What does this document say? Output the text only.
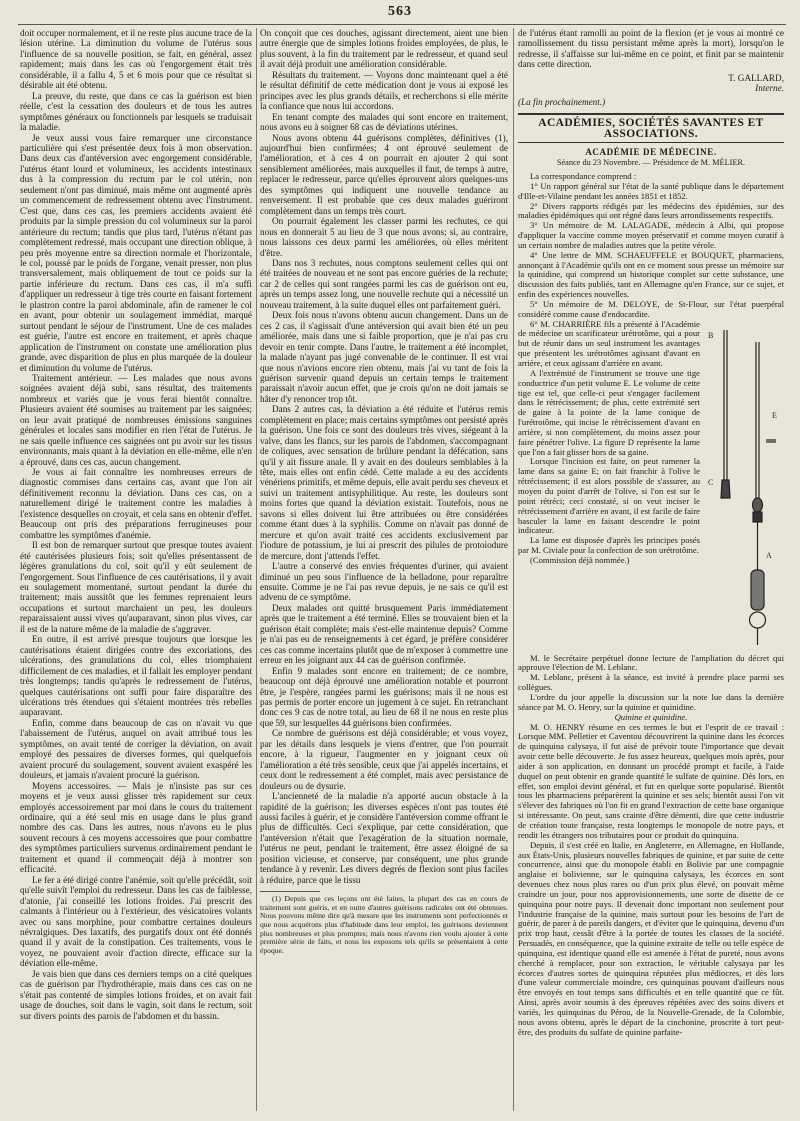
563

doit occuper normalement, et il ne reste plus aucune trace de la lésion utérine. La diminution du volume de l'utérus sous l'influence de sa nouvelle position, se fait, en général, assez rapidement; mais dans les cas où l'engorgement était très considérable, il a fallu 4, 5 et 6 mois pour que ce résultat si désirable ait été obtenu.

La preuve, du reste, que dans ce cas la guérison est bien réelle, c'est la cessation des douleurs et de tous les autres symptômes généraux ou fonctionnels par lesquels se traduisait la maladie.

Je veux aussi vous faire remarquer une circonstance particulière qui s'est présentée deux fois à mon observation. Dans deux cas d'antéversion avec engorgement considérable, l'utérus étant lourd et volumineux, les accidents intestinaux dus à la compression du rectum par le col utérin, non seulement n'ont pas diminué, mais même ont augmenté après un commencement de redressement obtenu avec l'instrument. C'est que, dans ces cas, les premiers accidents avaient été produits par la simple pression du col volumineux sur la paroi antérieure du rectum; tandis que plus tard, l'utérus n'étant pas complètement redressé, mais occupant une direction oblique, à peu près moyenne entre sa direction normale et l'horizontale, le col, poussé par le poids de l'organe, venait presser, non plus transversalement, mais obliquement de tout ce poids sur la partie inférieure du rectum. Dans ces cas, il m'a suffi d'appliquer un redresseur à tige très courte en faisant fortement le plastron contre la paroi abdominale, afin de ramener le col en avant, pour obtenir un soulagement immédiat, marqué surtout pendant le séjour de l'instrument. Une de ces malades est guérie, l'autre est encore en traitement, et après chaque application de l'instrument on constate une amélioration plus grande, avec disparition de plus en plus marquée de la douleur et diminution du volume de l'utérus.

Traitement antérieur. — Les malades que nous avons soignées avaient déjà subi, sans résultat, des traitements nombreux et variés que je vous ferai bientôt connaître. Plusieurs avaient été soumises au traitement par les saignées; on leur avait pratiqué de nombreuses émissions sanguines générales et locales sans modifier en rien l'état de l'utérus. Je ne sais quelle influence ces saignées ont pu avoir sur les tissus environnants, mais quant à la déviation en elle-même, elle n'en a éprouvé, dans ces cas, aucun changement.

Je vous ai fait connaître les nombreuses erreurs de diagnostic commises dans certains cas, avant que l'on ait définitivement reconnu la déviation. Dans ces cas, on a naturellement dirigé le traitement contre les maladies à l'existence desquelles on croyait, et cela sans en obtenir d'effet. Beaucoup ont pris des préparations ferrugineuses pour combattre les symptômes d'anémie.

Il est bon de remarquer surtout que presque toutes avaient été cautérisées plusieurs fois; soit qu'elles présentassent de légères granulations du col, soit qu'il y eût seulement de l'engorgement. Sous l'influence de ces cautérisations, il y avait eu soulagement momentané, surtout pendant la durée du traitement; mais aussitôt que les femmes reprenaient leurs occupations et surtout marchaient un peu, les douleurs reparaissaient aussi vives qu'auparavant, sinon plus vives, car il est de la nature même de la maladie de s'aggraver.

En outre, il est arrivé presque toujours que lorsque les cautérisations étaient dirigées contre des excoriations, des ulcérations, des granulations du col, elles triomphaient difficilement de ces maladies, et il fallait les employer pendant très longtemps; tandis qu'après le redressement de l'utérus, quelques cautérisations ont suffi pour faire disparaître des ulcérations très étendues qui s'étaient montrées très rebelles auparavant.

Enfin, comme dans beaucoup de cas on n'avait vu que l'abaissement de l'utérus, auquel on avait attribué tous les symptômes, on avait tenté de corriger la déviation, on avait employé des pessaires de diverses formes, qui quelquefois avaient procuré du soulagement, souvent avaient exaspéré les douleurs, et jamais n'avaient procuré la guérison.

Moyens accessoires. — Mais je n'insiste pas sur ces moyens et je veux aussi glisser très rapidement sur ceux employés accessoirement par moi dans le cours du traitement ordinaire, qui a été seul mis en usage dans le plus grand nombre des cas. Dans les autres, nous n'avons eu le plus souvent recours à ces moyens accessoires que pour combattre des symptômes particuliers survenus ordinairement pendant le traitement et quand il commençait déjà à montrer son efficacité.

Le fer a été dirigé contre l'anémie, soit qu'elle précédât, soit qu'elle suivît l'emploi du redresseur. Dans les cas de faiblesse, d'atonie, j'ai conseillé les lotions froides. J'ai prescrit des calmants à l'intérieur ou à l'extérieur, des vésicatoires volants avec ou sans morphine, pour combattre certaines douleurs névralgiques. Des laxatifs, des purgatifs doux ont été donnés quand il y avait de la constipation. Ces traitements, vous le voyez, ne pouvaient avoir d'action directe, efficace sur la déviation elle-même.

Je vais bien que dans ces derniers temps on a cité quelques cas de guérison par l'hydrothérapie, mais dans ces cas on ne s'était pas contenté de simples lotions froides, et on avait fait usage de douches, soit dans le vagin, soit dans le rectum, soit sur divers points des parois de l'abdomen et du bassin.

On conçoit que ces douches, agissant directement, aient une bien autre énergie que de simples lotions froides employées, de plus, le plus souvent, à la fin du traitement par le redresseur, et quand seul il avait déjà produit une amélioration considérable.

Résultats du traitement. — Voyons donc maintenant quel a été le résultat définitif de cette médication dont je vous ai exposé les principes avec les plus grands détails, et recherchons si elle mérite la confiance que nous lui accordons.

En tenant compte des malades qui sont encore en traitement, nous avons eu à soigner 68 cas de déviations utérines.

Nous avons obtenu 44 guérisons complètes, définitives (1), aujourd'hui bien confirmées; 4 ont éprouvé seulement de l'amélioration, et à ces 4 on pourrait en ajouter 2 qui sont sensiblement améliorées, mais auxquelles il faut, de temps à autre, replacer le redresseur, parce qu'elles éprouvent alors quelques-uns des symptômes qui indiquent une nouvelle tendance au renversement. Il est probable que ces deux malades guériront complètement dans un temps très court.

On pourrait également les classer parmi les rechutes, ce qui nous en donnerait 5 au lieu de 3 que nous avons; si, au contraire, nous laissons ces deux parmi les améliorées, où elles méritent d'être.

Dans nos 3 rechutes, nous comptons seulement celles qui ont été traitées de nouveau et ne sont pas encore guéries de la rechute; car 2 de celles qui sont rangées parmi les cas de guérison ont eu, après un temps assez long, une nouvelle rechute qui a nécessité un nouveau traitement, à la suite duquel elles ont parfaitement guéri.

Deux fois nous n'avons obtenu aucun changement. Dans un de ces 2 cas, il s'agissait d'une antéversion qui avait bien été un peu améliorée, mais dans une si faible proportion, que je n'ai pas cru devoir en tenir compte. Dans l'autre, le traitement a été incomplet, la malade n'ayant pas jugé convenable de le continuer. Il est vrai que nous n'avions encore rien obtenu, mais j'ai vu tant de fois la guérison survenir quand depuis un certain temps le traitement paraissait n'avoir aucun effet, que je crois qu'on ne doit jamais se hâter d'y renoncer trop tôt.

Dans 2 autres cas, la déviation a été réduite et l'utérus remis complètement en place; mais certains symptômes ont persisté après la guérison. Une fois ce sont des douleurs très vives, siégeant à la valve, dans les flancs, sur les parois de l'abdomen, s'accompagnant de coliques, avec sensation de brûlure pendant la défécation, sans qu'il y ait fissure anale. Il y avait en des douleurs semblables à la tête, mais elles ont enfin cédé. Cette malade a eu des accidents vénériens primitifs, et même depuis, elle avait perdu ses cheveux et suivi un traitement antisyphilitique. Au reste, les douleurs sont moins fortes que quand la déviation existait. Toutefois, nous ne savons si elles doivent lui être attribuées ou être considérées comme étant dues à la syphilis. Comme on n'avait pas donné de mercure et qu'on avait traité ces accidents exclusivement par l'iodure de potassium, je lui ai prescrit des pilules de protoiodure de mercure, dont j'attends l'effet.

L'autre a conservé des envies fréquentes d'uriner, qui avaient diminué un peu sous l'influence de la belladone, pour reparaître ensuite. Comme je ne l'ai pas revue depuis, je ne sais ce qu'il est advenu de ce symptôme.

Deux malades ont quitté brusquement Paris immédiatement après que le traitement a été terminé. Elles se trouvaient bien et la guérison était complète; mais s'est-elle maintenue depuis? Comme je n'ai pas eu de renseignements à cet égard, je préfère considérer ces cas comme incertains plutôt que de m'exposer à commettre une erreur en les joignant aux 44 cas de guérison confirmée.

Enfin 9 malades sont encore en traitement; de ce nombre, beaucoup ont déjà éprouvé une amélioration notable et pourront être, je l'espère, rangées parmi les guérisons; mais il ne nous est pas permis de porter encore un jugement à ce sujet. En retranchant donc ces 9 cas de notre total, au lieu de 68 il ne nous en reste plus que 59, sur lesquelles 44 guérisons bien confirmées.

Ce nombre de guérisons est déjà considérable; et vous voyez, par les détails dans lesquels je viens d'entrer, que l'on pourrait encore, à la rigueur, l'augmenter en y joignant ceux où l'amélioration a été très sensible, ceux que j'ai appelés incertains, et ceux dont le redressement a été complet, mais avec persistance de douleurs ou de dysurie.

L'ancienneté de la maladie n'a apporté aucun obstacle à la rapidité de la guérison; les diverses espèces n'ont pas toutes été aussi faciles à guérir, et je considère l'antéversion comme offrant le plus de difficultés. Ceci s'explique, par cette considération, que l'antéversion n'était que l'exagération de la situation normale, l'utérus ne peut, pendant le traitement, être assez éloigné de sa position vicieuse, et conserve, par conséquent, une plus grande tendance à y revenir. Les divers degrés de flexion sont plus faciles à réduire, parce que le tissu

(1) Depuis que ces leçons ont été faites, la plupart des cas en cours de traitement sont guéris, et en outre d'autres guérisons radicales ont été obtenues. Nous pouvons même dire qu'à mesure que les instruments sont perfectionnés et que nous acquérons plus d'habitude dans leur emploi, les guérisons deviennent plus nombreuses et plus promptes; mais nous n'avons rien voulu ajouter à cette première série de faits, et nous les exposons tels qu'ils se présentaient à cette époque.

de l'utérus étant ramolli au point de la flexion (et je vous ai montré ce ramollissement du tissu persistant même après la mort), lorsqu'on le redresse, il s'affaisse sur lui-même en ce point, et finit par se maintenir dans cette direction.

T. GALLARD,
Interne.

(La fin prochainement.)

ACADÉMIES, SOCIÉTÉS SAVANTES ET ASSOCIATIONS.
ACADÉMIE DE MÉDECINE.
Séance du 23 Novembre. — Présidence de M. MÉLIER.

La correspondance comprend :

1° Un rapport général sur l'état de la santé publique dans le département d'Ille-et-Vilaine pendant les années 1851 et 1852.

2° Divers rapports rédigés par les médecins des épidémies, sur des maladies épidémiques qui ont régné dans leurs arrondissements respectifs.

3° Un mémoire de M. LALAGADE, médecin à Albi, qui propose d'appliquer la vaccine comme moyen préservatif et comme moyen curatif à un certain nombre de maladies autres que la petite vérole.

4° Une lettre de MM. SCHAEUFFELE et BOUQUET, pharmaciens, annonçant à l'Académie qu'ils ont en ce moment sous presse un mémoire sur la quinidine, qui comprend un historique complet sur cette substance, une discussion des faits publiés, tant en Allemagne qu'en France, sur ce sujet, et enfin des expériences nouvelles.

5° Un mémoire de M. DELOYE, de St-Flour, sur l'état puerpéral considéré comme cause d'endocardite.

B
E
A
C

6° M. CHARRIÈRE fils a présenté à l'Académie de médecine un scarificateur urétrotôme, qui a pour but de réunir dans un seul instrument les avantages que présentent les urétrotômes agissant d'avant en arrière, et ceux agissant d'arrière en avant.

A l'extrémité de l'instrument se trouve une tige conductrice d'un petit volume E. Le volume de cette tige est tel, que celle-ci peut s'engager facilement dans le rétrécissement; de plus, cette extrémité sert de gaine à la pointe de la lame conique de l'urétrotôme, qui incise le rétrécissement d'avant en arrière, si non complètement, du moins assez pour faire pénétrer l'olive. La figure D représente la lame que l'on a fait glisser hors de sa gaine.

Lorsque l'incision est faite, on peut ramener la lame dans sa gaine E; on fait franchir à l'olive le rétrécissement; il est alors possible de s'assurer, au moyen du point d'arrêt de l'olive, si l'on est sur le point rétréci; ceci constaté, si on veut inciser le rétrécissement d'arrière en avant, il est facile de faire basculer la lame en faisant descendre le point indicateur.

La lame est disposée d'après les principes posés par M. Civiale pour la confection de son urétrotôme.

(Commission déjà nommée.)

M. le Secrétaire perpétuel donne lecture de l'ampliation du décret qui approuve l'élection de M. Leblanc.

M. Leblanc, présent à la séance, est invité à prendre place parmi ses collègues.

L'ordre du jour appelle la discussion sur la note lue dans la dernière séance par M. O. Henry, sur la quinine et quinidine.

Quinine et quinidine.

M. O. HENRY résume en ces termes le but et l'esprit de ce travail : Lorsque MM. Pelletier et Caventou découvrirent la quinine dans les écorces de quinquina calysaya, il fut aisé de prévoir toute l'importance que devait avoir cette belle découverte. Je fus assez heureux, quelques mois après, pour aider à son application, en donnant un procédé prompt et facile, à l'aide duquel on peut obtenir en grande quantité le sulfate de quinine. Dès lors, en effet, son emploi devint général, et fut en quelque sorte popularisé. Bientôt tous les pharmaciens préparèrent la quinine et ses sels; bientôt aussi l'on vit s'élever des fabriques où l'on fit en grand l'extraction de cette base organique si intéressante. On peut, sans crainte d'être démenti, dire que cette industrie de création toute française, resta longtemps le monopole de notre pays, et rendit les étrangers nos tributaires pour ce produit du quinquina.

Depuis, il s'est créé en Italie, en Angleterre, en Allemagne, en Hollande, aux États-Unis, plusieurs nouvelles fabriques de quinine, et par suite de cette concurrence, ainsi que du monopole établi en Bolivie par une compagnie anglaise et bolivienne, sur le quinquina calysaya, les écorces en sont devenues chez nous plus rares ou d'un prix plus élevé, on pouvait même craindre un jour, pour nos approvisionnements, une sorte de disette de ce quinquina pour notre pays. Il devenait donc important non seulement pour l'industrie française de la quinine, mais surtout pour les besoins de l'art de guérir, de parer à de pareils dangers, et d'éviter que le quinquina, devenu d'un prix trop haut, cessât d'être à la portée de toutes les classes de la société. Persuadés, en conséquence, que la quinine extraite de telle ou telle espèce de quinquina, est identique quand elle est amenée à l'état de pureté, nous avons cherché à remplacer, pour son extraction, le véritable calysaya par les écorces d'autres sortes de quinquina réputées plus médiocres, et dès lors d'une valeur commerciale moindre, ces quinquinas pouvant d'ailleurs nous être envoyés en tout temps sans difficultés et en telle quantité que ce fût. Ainsi, après avoir soumis à des épreuves répétées avec des soins divers et variés, les quinquinas du Pérou, de la Nouvelle-Grenade, de la Colombie, nous avons obtenu, après le départ de la cinchonine, proscrite à tort peut-être, des produits du sulfate de quinine parfaite-
